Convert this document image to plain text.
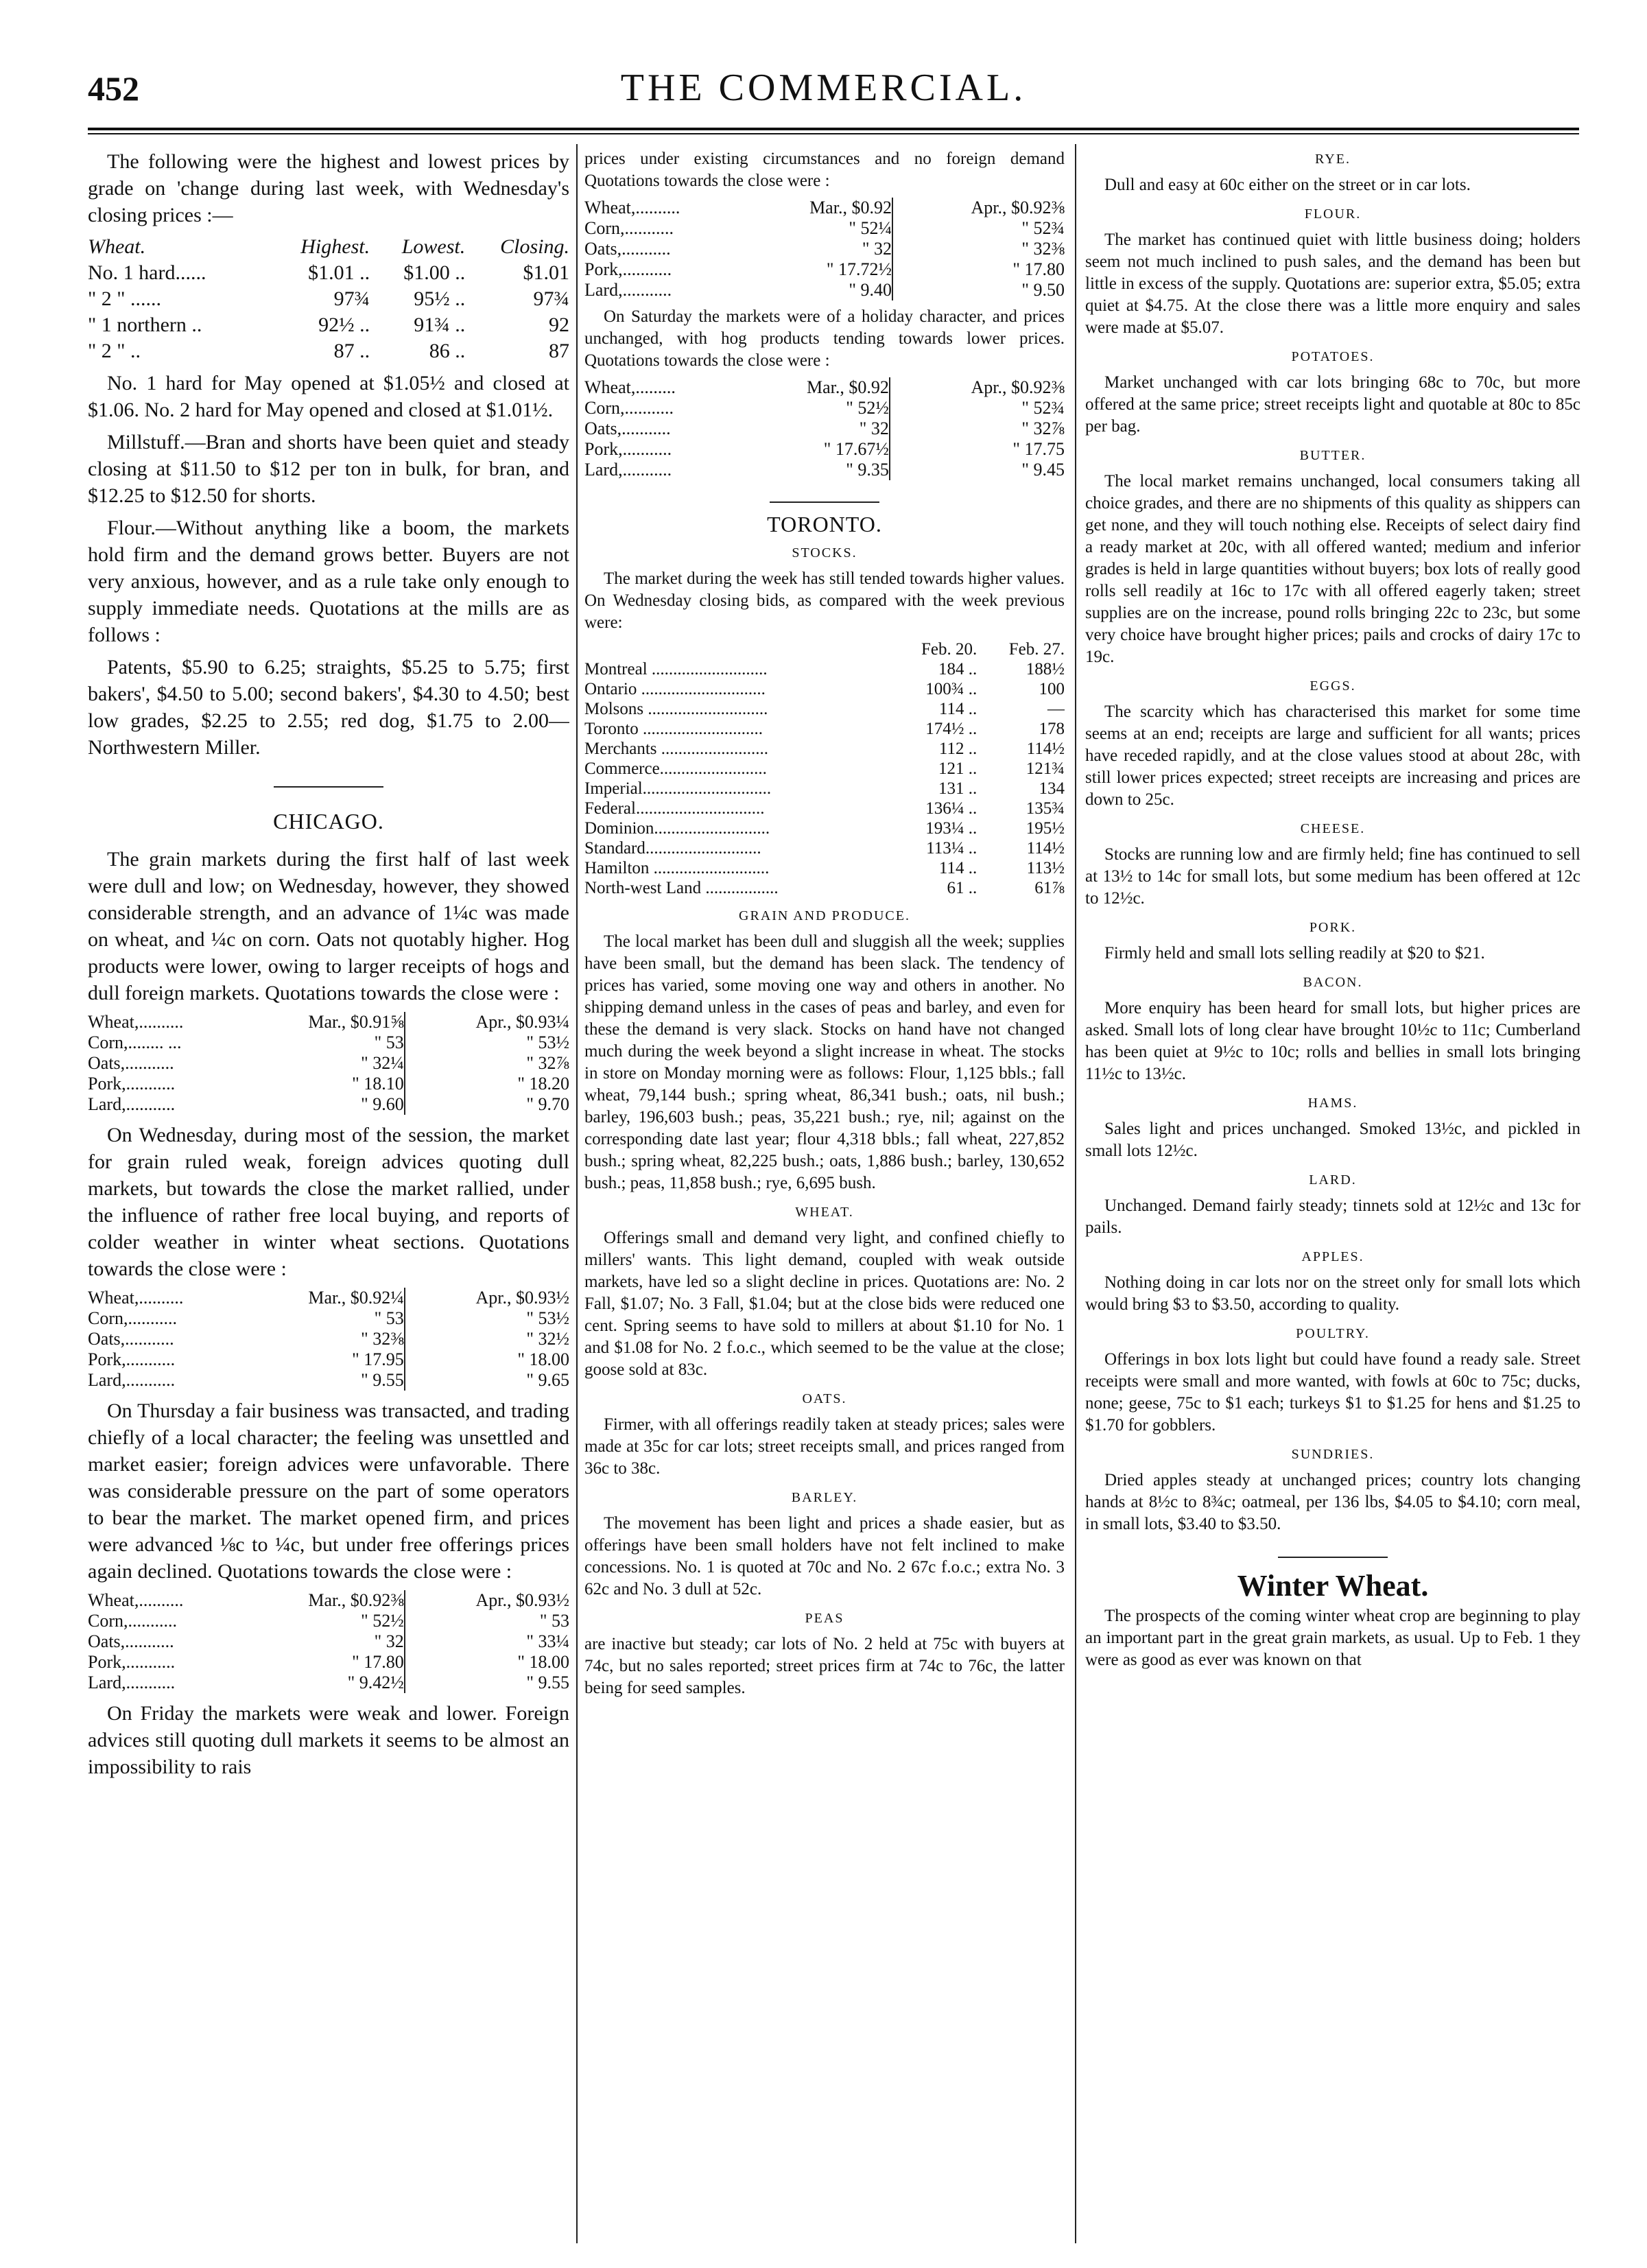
452	THE COMMERCIAL.

The following were the highest and lowest prices by grade on 'change during last week, with Wednesday's closing prices :—

Wheat.	Highest.	Lowest.	Closing.
No. 1 hard......	$1.01 ..	$1.00 ..	$1.01
" 2 " ......	97¾	95½ ..	97¾
" 1 northern ..	92½ ..	91¾ ..	92
" 2 " ..	87 ..	86 ..	87

No. 1 hard for May opened at $1.05½ and closed at $1.06. No. 2 hard for May opened and closed at $1.01½.

Millstuff.—Bran and shorts have been quiet and steady closing at $11.50 to $12 per ton in bulk, for bran, and $12.25 to $12.50 for shorts.

Flour.—Without anything like a boom, the markets hold firm and the demand grows better. Buyers are not very anxious, however, and as a rule take only enough to supply immediate needs. Quotations at the mills are as follows :

Patents, $5.90 to 6.25; straights, $5.25 to 5.75; first bakers', $4.50 to 5.00; second bakers', $4.30 to 4.50; best low grades, $2.25 to 2.55; red dog, $1.75 to 2.00—Northwestern Miller.

CHICAGO.

The grain markets during the first half of last week were dull and low; on Wednesday, however, they showed considerable strength, and an advance of 1¼c was made on wheat, and ¼c on corn. Oats not quotably higher. Hog products were lower, owing to larger receipts of hogs and dull foreign markets. Quotations towards the close were :

Wheat,..........	Mar., $0.91⅝	Apr., $0.93¼
Corn,........ ...	" 53	" 53½
Oats,...........	" 32¼	" 32⅞
Pork,...........	" 18.10	" 18.20
Lard,...........	" 9.60	" 9.70

On Wednesday, during most of the session, the market for grain ruled weak, foreign advices quoting dull markets, but towards the close the market rallied, under the influence of rather free local buying, and reports of colder weather in winter wheat sections. Quotations towards the close were :

Wheat,..........	Mar., $0.92¼	Apr., $0.93½
Corn,...........	" 53	" 53½
Oats,...........	" 32⅜	" 32½
Pork,...........	" 17.95	" 18.00
Lard,...........	" 9.55	" 9.65

On Thursday a fair business was transacted, and trading chiefly of a local character; the feeling was unsettled and market easier; foreign advices were unfavorable. There was considerable pressure on the part of some operators to bear the market. The market opened firm, and prices were advanced ⅛c to ¼c, but under free offerings prices again declined. Quotations towards the close were :

Wheat,..........	Mar., $0.92⅜	Apr., $0.93½
Corn,...........	" 52½	" 53
Oats,...........	" 32	" 33¼
Pork,...........	" 17.80	" 18.00
Lard,...........	" 9.42½	" 9.55

On Friday the markets were weak and lower. Foreign advices still quoting dull markets it seems to be almost an impossibility to rais

prices under existing circumstances and no foreign demand Quotations towards the close were :

Wheat,..........	Mar., $0.92	Apr., $0.92⅜
Corn,...........	" 52¼	" 52¾
Oats,...........	" 32	" 32⅜
Pork,...........	" 17.72½	" 17.80
Lard,...........	" 9.40	" 9.50

On Saturday the markets were of a holiday character, and prices unchanged, with hog products tending towards lower prices. Quotations towards the close were :

Wheat,.........	Mar., $0.92	Apr., $0.92⅜
Corn,...........	" 52½	" 52¾
Oats,...........	" 32	" 32⅞
Pork,...........	" 17.67½	" 17.75
Lard,...........	" 9.35	" 9.45
TORONTO.
STOCKS.

The market during the week has still tended towards higher values. On Wednesday closing bids, as compared with the week previous were:

	Feb. 20.	Feb. 27.
Montreal ...........................	184 ..	188½
Ontario .............................	100¾ ..	100
Molsons ............................	114 ..	—
Toronto ............................	174½ ..	178
Merchants .........................	112 ..	114½
Commerce.........................	121 ..	121¾
Imperial..............................	131 ..	134
Federal..............................	136¼ ..	135¾
Dominion...........................	193¼ ..	195½
Standard...........................	113¼ ..	114½
Hamilton ...........................	114 ..	113½
North-west Land .................	61 ..	61⅞
GRAIN AND PRODUCE.

The local market has been dull and sluggish all the week; supplies have been small, but the demand has been slack. The tendency of prices has varied, some moving one way and others in another. No shipping demand unless in the cases of peas and barley, and even for these the demand is very slack. Stocks on hand have not changed much during the week beyond a slight increase in wheat. The stocks in store on Monday morning were as follows: Flour, 1,125 bbls.; fall wheat, 79,144 bush.; spring wheat, 86,341 bush.; oats, nil bush.; barley, 196,603 bush.; peas, 35,221 bush.; rye, nil; against on the corresponding date last year; flour 4,318 bbls.; fall wheat, 227,852 bush.; spring wheat, 82,225 bush.; oats, 1,886 bush.; barley, 130,652 bush.; peas, 11,858 bush.; rye, 6,695 bush.

WHEAT.

Offerings small and demand very light, and confined chiefly to millers' wants. This light demand, coupled with weak outside markets, have led so a slight decline in prices. Quotations are: No. 2 Fall, $1.07; No. 3 Fall, $1.04; but at the close bids were reduced one cent. Spring seems to have sold to millers at about $1.10 for No. 1 and $1.08 for No. 2 f.o.c., which seemed to be the value at the close; goose sold at 83c.

OATS.

Firmer, with all offerings readily taken at steady prices; sales were made at 35c for car lots; street receipts small, and prices ranged from 36c to 38c.

BARLEY.

The movement has been light and prices a shade easier, but as offerings have been small holders have not felt inclined to make concessions. No. 1 is quoted at 70c and No. 2 67c f.o.c.; extra No. 3 62c and No. 3 dull at 52c.

PEAS

are inactive but steady; car lots of No. 2 held at 75c with buyers at 74c, but no sales reported; street prices firm at 74c to 76c, the latter being for seed samples.

RYE.

Dull and easy at 60c either on the street or in car lots.

FLOUR.

The market has continued quiet with little business doing; holders seem not much inclined to push sales, and the demand has been but little in excess of the supply. Quotations are: superior extra, $5.05; extra quiet at $4.75. At the close there was a little more enquiry and sales were made at $5.07.

POTATOES.

Market unchanged with car lots bringing 68c to 70c, but more offered at the same price; street receipts light and quotable at 80c to 85c per bag.

BUTTER.

The local market remains unchanged, local consumers taking all choice grades, and there are no shipments of this quality as shippers can get none, and they will touch nothing else. Receipts of select dairy find a ready market at 20c, with all offered wanted; medium and inferior grades is held in large quantities without buyers; box lots of really good rolls sell readily at 16c to 17c with all offered eagerly taken; street supplies are on the increase, pound rolls bringing 22c to 23c, but some very choice have brought higher prices; pails and crocks of dairy 17c to 19c.

EGGS.

The scarcity which has characterised this market for some time seems at an end; receipts are large and sufficient for all wants; prices have receded rapidly, and at the close values stood at about 28c, with still lower prices expected; street receipts are increasing and prices are down to 25c.

CHEESE.

Stocks are running low and are firmly held; fine has continued to sell at 13½ to 14c for small lots, but some medium has been offered at 12c to 12½c.

PORK.

Firmly held and small lots selling readily at $20 to $21.

BACON.

More enquiry has been heard for small lots, but higher prices are asked. Small lots of long clear have brought 10½c to 11c; Cumberland has been quiet at 9½c to 10c; rolls and bellies in small lots bringing 11½c to 13½c.

HAMS.

Sales light and prices unchanged. Smoked 13½c, and pickled in small lots 12½c.

LARD.

Unchanged. Demand fairly steady; tinnets sold at 12½c and 13c for pails.

APPLES.

Nothing doing in car lots nor on the street only for small lots which would bring $3 to $3.50, according to quality.

POULTRY.

Offerings in box lots light but could have found a ready sale. Street receipts were small and more wanted, with fowls at 60c to 75c; ducks, none; geese, 75c to $1 each; turkeys $1 to $1.25 for hens and $1.25 to $1.70 for gobblers.

SUNDRIES.

Dried apples steady at unchanged prices; country lots changing hands at 8½c to 8¾c; oatmeal, per 136 lbs, $4.05 to $4.10; corn meal, in small lots, $3.40 to $3.50.

Winter Wheat.

The prospects of the coming winter wheat crop are beginning to play an important part in the great grain markets, as usual. Up to Feb. 1 they were as good as ever was known on that
